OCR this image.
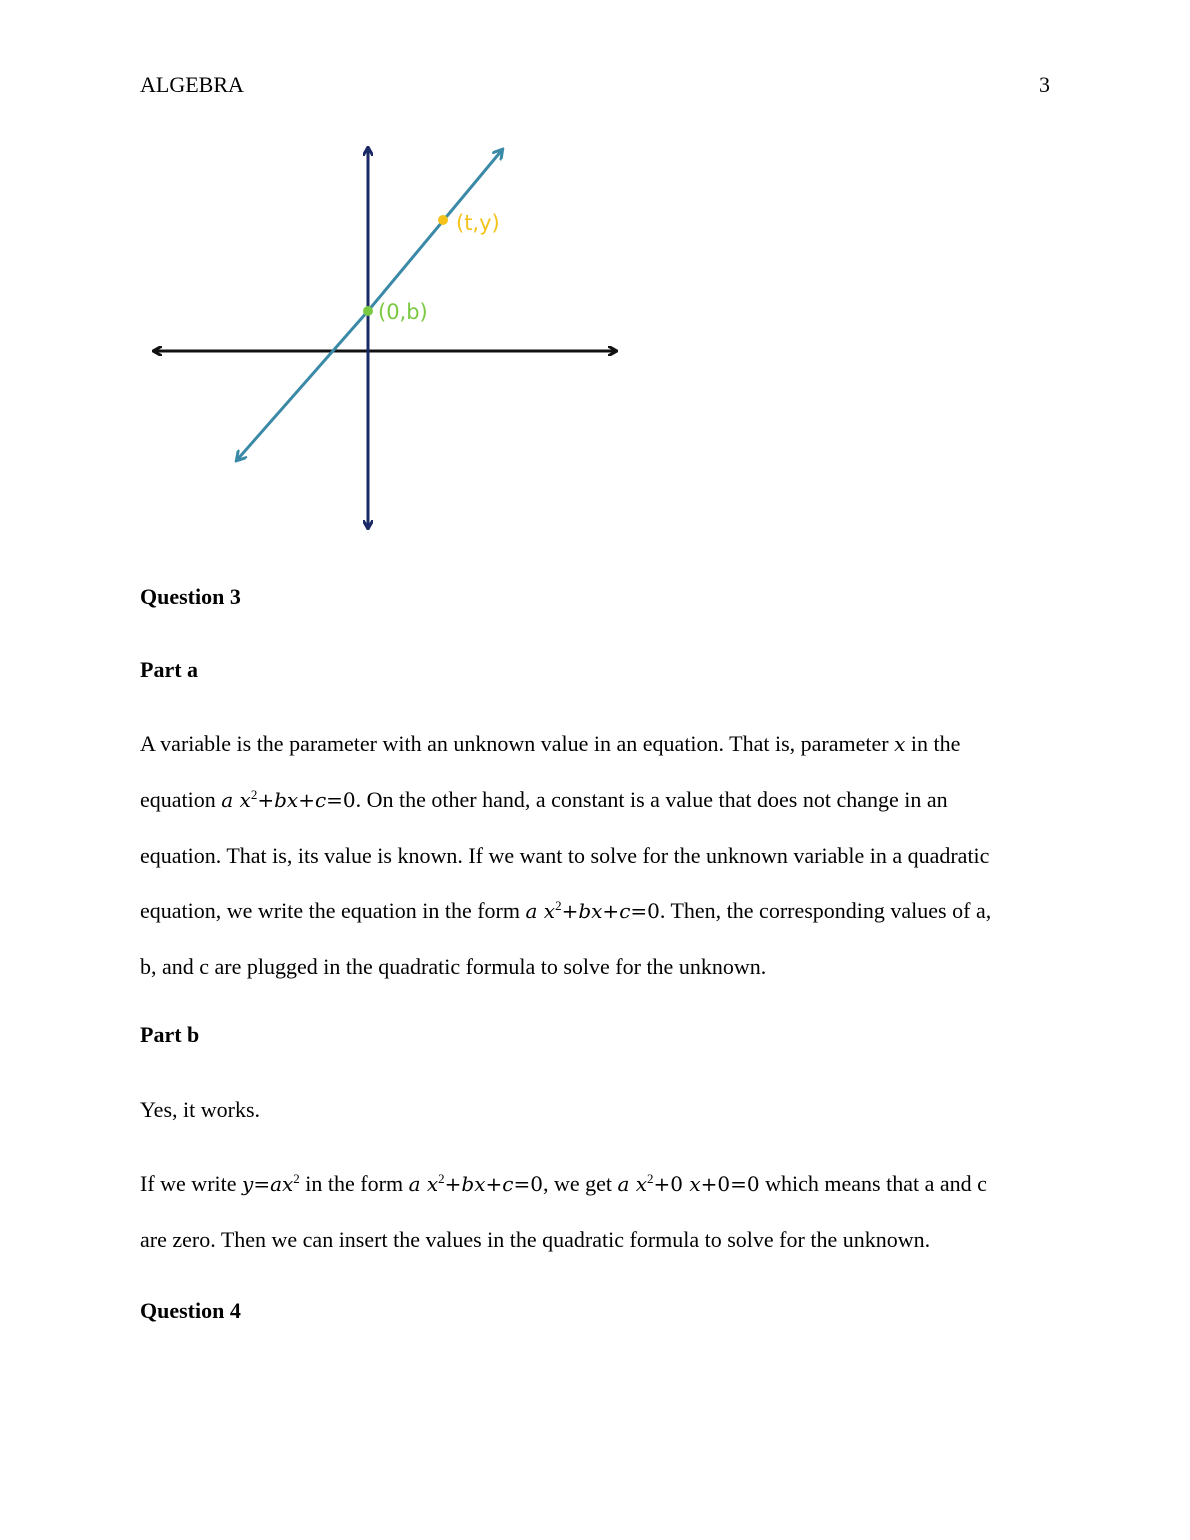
ALGEBRA	3
(0,b)
(t,y)
Question 3
Part a
A variable is the parameter with an unknown value in an equation. That is, parameter x in the
equation a $x^2+bx+c=0$. On the other hand, a constant is a value that does not change in an
equation. That is, its value is known. If we want to solve for the unknown variable in a quadratic
equation, we write the equation in the form a $x^2+bx+c=0$. Then, the corresponding values of a,
b, and c are plugged in the quadratic formula to solve for the unknown.
Part b

Yes, it works.

If we write $y=ax^2$ in the form a $x^2+bx+c=0$, we get a $x^2+0$ x+0=0 which means that a and c
are zero. Then we can insert the values in the quadratic formula to solve for the unknown.
Question 4
